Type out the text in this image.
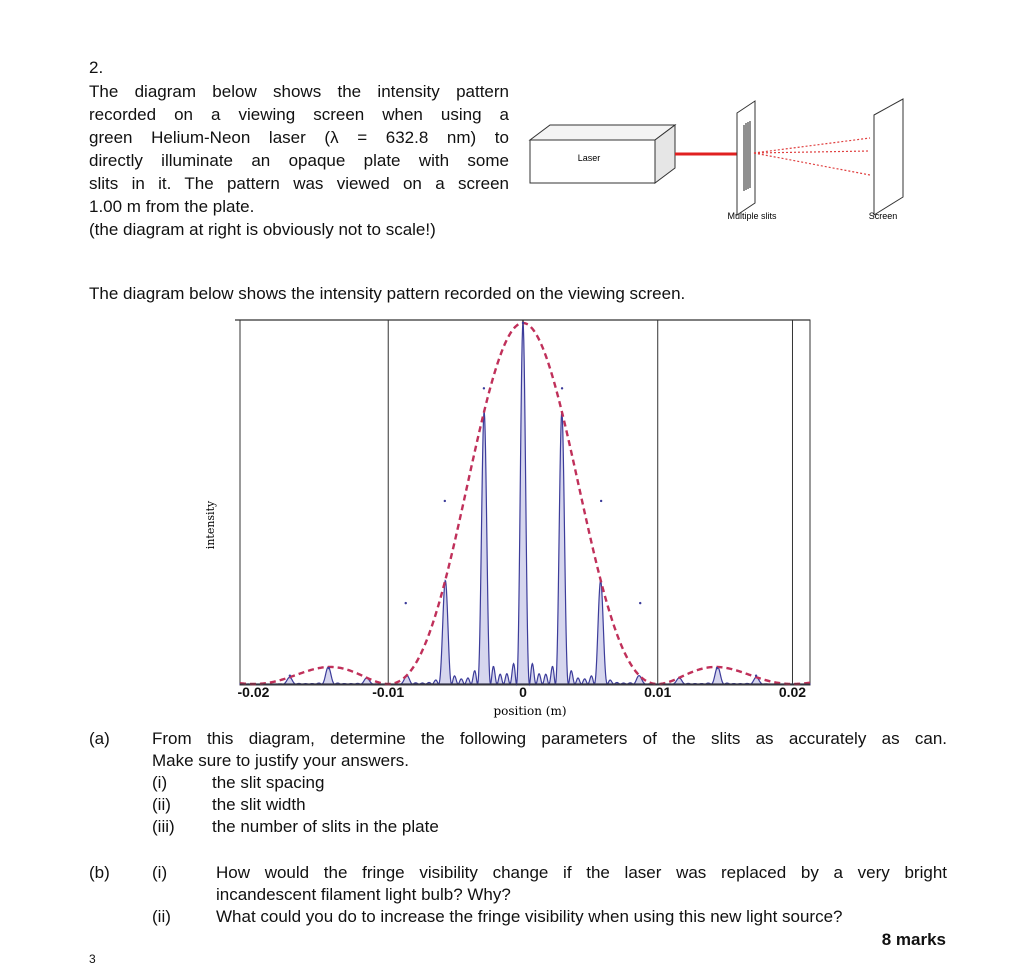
2.
The diagram below shows the intensity pattern
recorded on a viewing screen when using a
green Helium-Neon laser (λ = 632.8 nm) to
directly illuminate an opaque plate with some
slits in it. The pattern was viewed on a screen
1.00 m from the plate.
(the diagram at right is obviously not to scale!)
Laser
Multiple slits	Screen
The diagram below shows the intensity pattern recorded on the viewing screen.
-0.02	-0.01	0	0.01	0.02
position (m)
intensity
(a) From this diagram, determine the following parameters of the slits as accurately as can.
Make sure to justify your answers.
(i)	the slit spacing
(ii)	the slit width
(iii)	the number of slits in the plate
(b) (i)	How would the fringe visibility change if the laser was replaced by a very bright
incandescent filament light bulb? Why?
(ii)	What could you do to increase the fringe visibility when using this new light source?
8 marks
3
